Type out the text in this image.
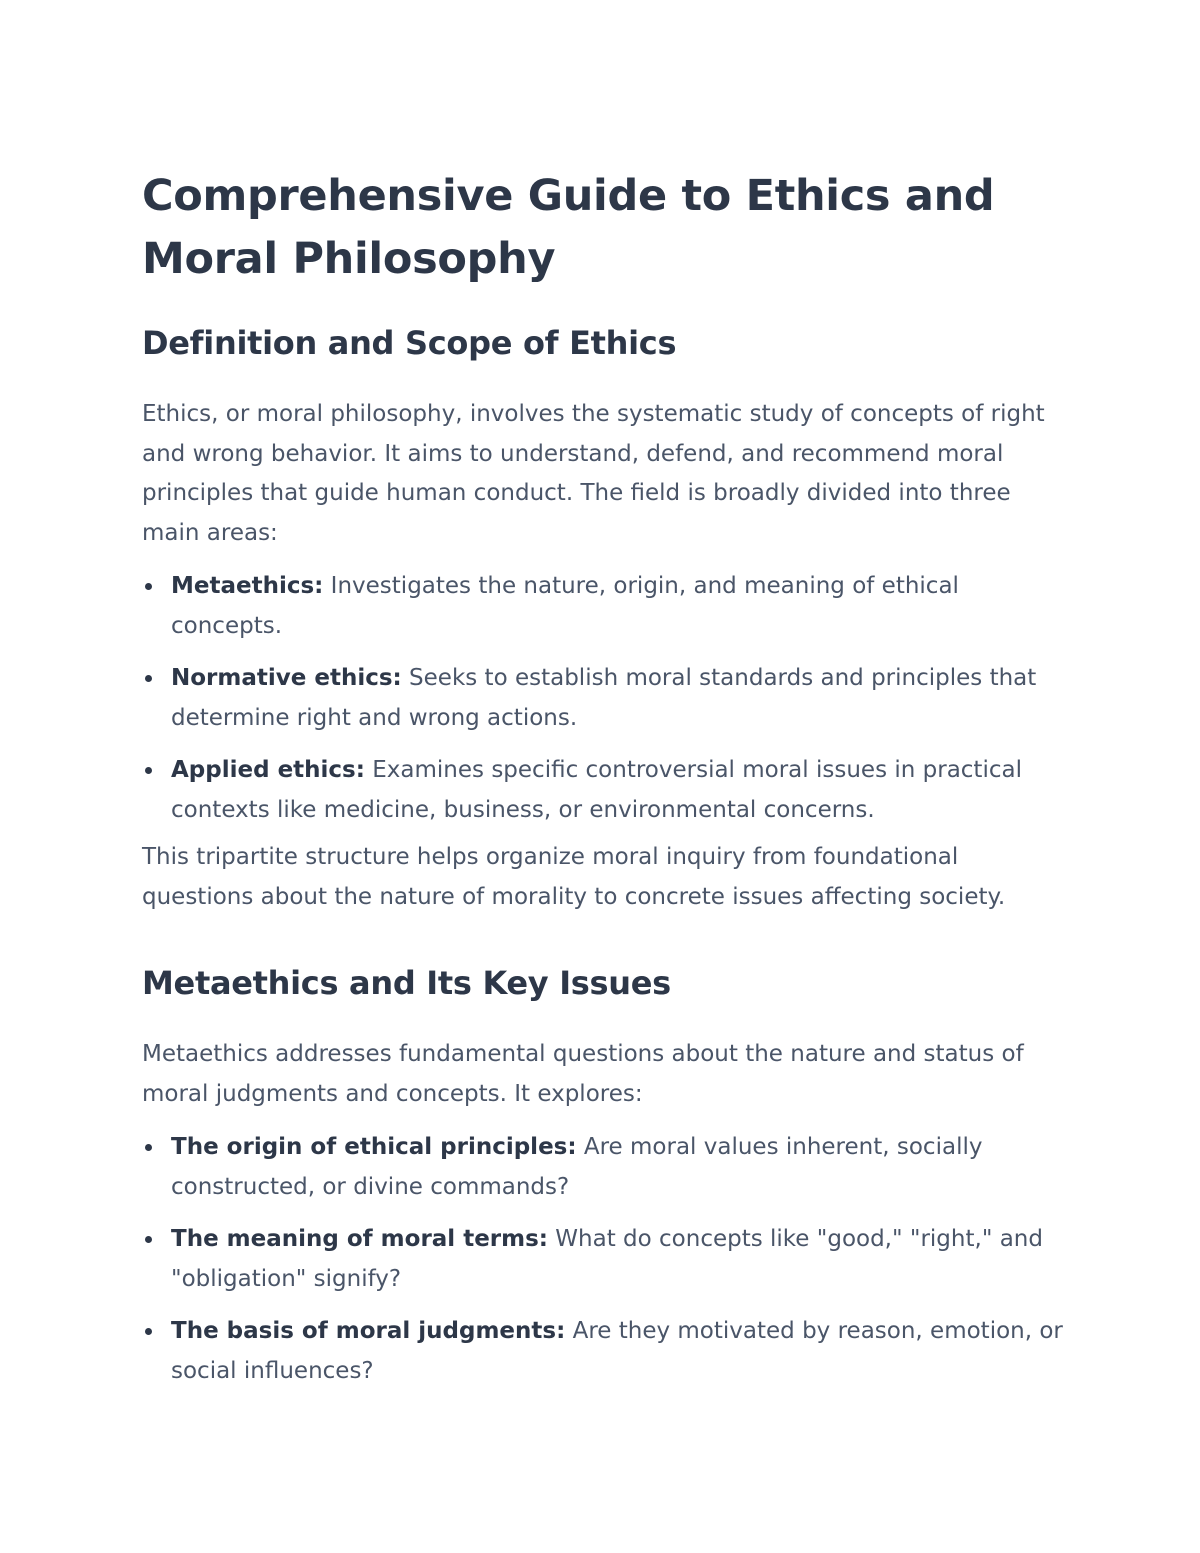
Comprehensive Guide to Ethics and Moral Philosophy
Definition and Scope of Ethics

Ethics, or moral philosophy, involves the systematic study of concepts of right and wrong behavior. It aims to understand, defend, and recommend moral principles that guide human conduct. The field is broadly divided into three main areas:

Metaethics: Investigates the nature, origin, and meaning of ethical concepts.
Normative ethics: Seeks to establish moral standards and principles that determine right and wrong actions.
Applied ethics: Examines specific controversial moral issues in practical contexts like medicine, business, or environmental concerns.

This tripartite structure helps organize moral inquiry from foundational questions about the nature of morality to concrete issues affecting society.

Metaethics and Its Key Issues

Metaethics addresses fundamental questions about the nature and status of moral judgments and concepts. It explores:

The origin of ethical principles: Are moral values inherent, socially constructed, or divine commands?
The meaning of moral terms: What do concepts like "good," "right," and "obligation" signify?
The basis of moral judgments: Are they motivated by reason, emotion, or social influences?
